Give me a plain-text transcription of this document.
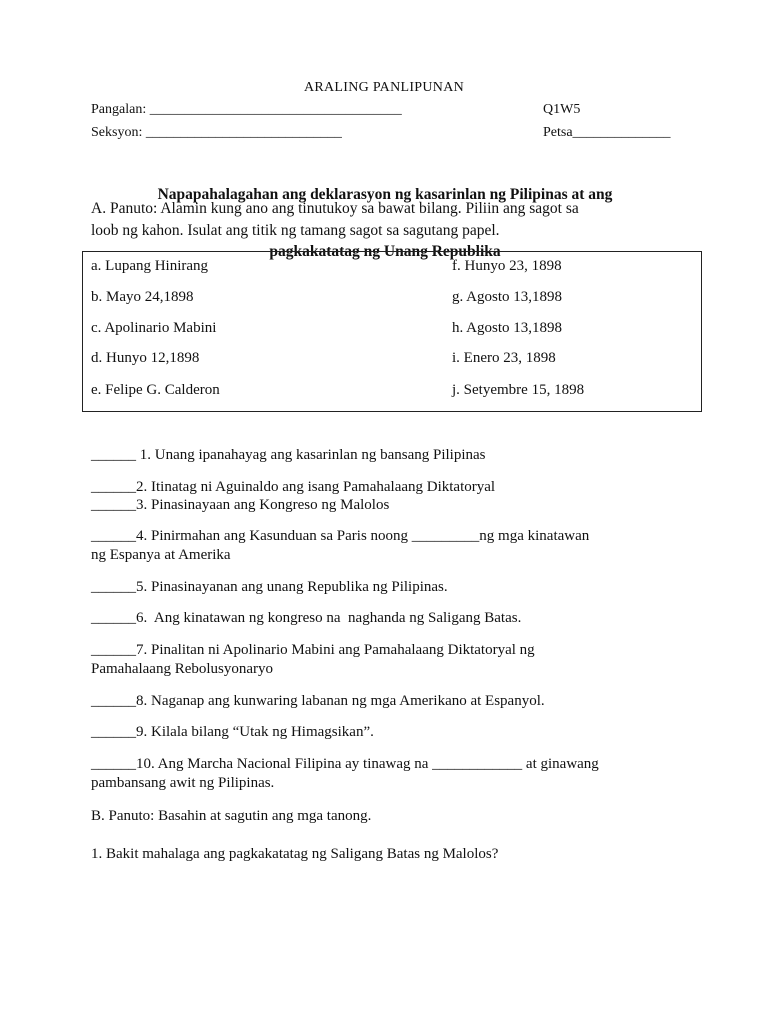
ARALING PANLIPUNAN
Pangalan: ____________________________________	Q1W5
Seksyon: ____________________________	Petsa______________

Napapahalagahan ang deklarasyon ng kasarinlan ng Pilipinas at ang

pagkakatatag ng Unang Republika

A. Panuto: Alamin kung ano ang tinutukoy sa bawat bilang. Piliin ang sagot sa
loob ng kahon. Isulat ang titik ng tamang sagot sa sagutang papel.
a. Lupang Hinirang
b. Mayo 24,1898
c. Apolinario Mabini
d. Hunyo 12,1898
e. Felipe G. Calderon
f. Hunyo 23, 1898
g. Agosto 13,1898
h. Agosto 13,1898
i. Enero 23, 1898
j. Setyembre 15, 1898
______ 1. Unang ipanahayag ang kasarinlan ng bansang Pilipinas
______2. Itinatag ni Aguinaldo ang isang Pamahalaang Diktatoryal
______3. Pinasinayaan ang Kongreso ng Malolos
______4. Pinirmahan ang Kasunduan sa Paris noong _________ng mga kinatawan
ng Espanya at Amerika
______5. Pinasinayanan ang unang Republika ng Pilipinas.
______6.  Ang kinatawan ng kongreso na  naghanda ng Saligang Batas.
______7. Pinalitan ni Apolinario Mabini ang Pamahalaang Diktatoryal ng
Pamahalaang Rebolusyonaryo
______8. Naganap ang kunwaring labanan ng mga Amerikano at Espanyol.
______9. Kilala bilang “Utak ng Himagsikan”.
______10. Ang Marcha Nacional Filipina ay tinawag na ____________ at ginawang
pambansang awit ng Pilipinas.
B. Panuto: Basahin at sagutin ang mga tanong.
1. Bakit mahalaga ang pagkakatatag ng Saligang Batas ng Malolos?
